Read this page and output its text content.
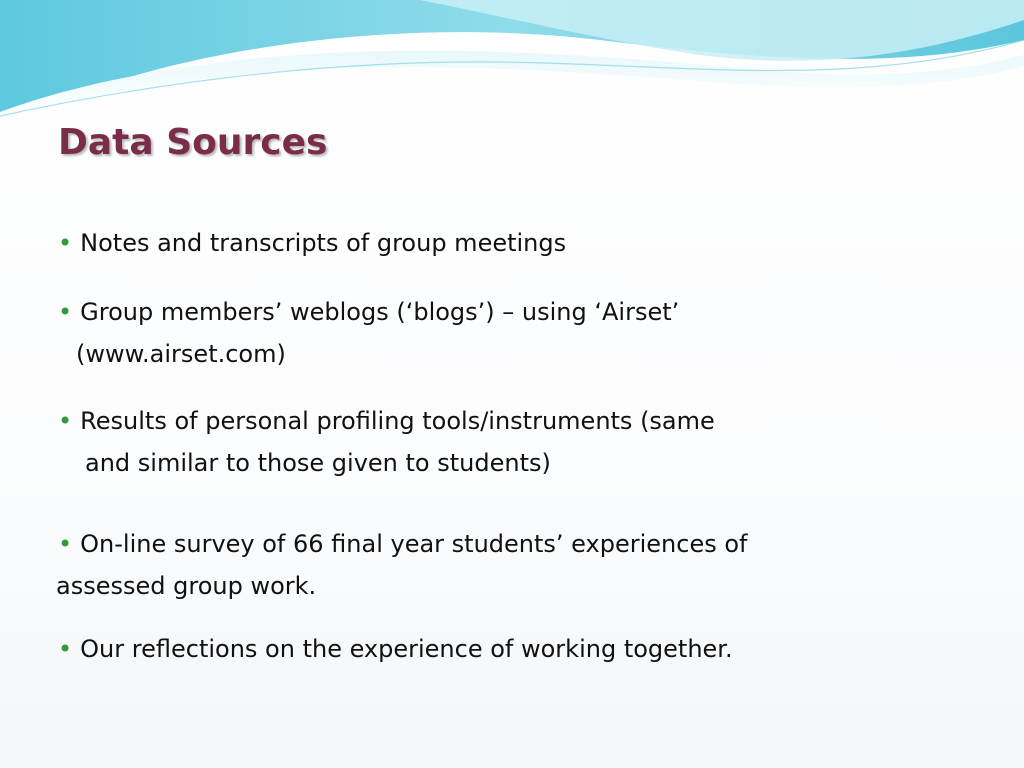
Data Sources
• Notes and transcripts of group meetings
• Group members’ weblogs (‘blogs’) – using ‘Airset’
(www.airset.com)
• Results of personal profiling tools/instruments (same
and similar to those given to students)
• On-line survey of 66 final year students’ experiences of
assessed group work.
• Our reflections on the experience of working together.
